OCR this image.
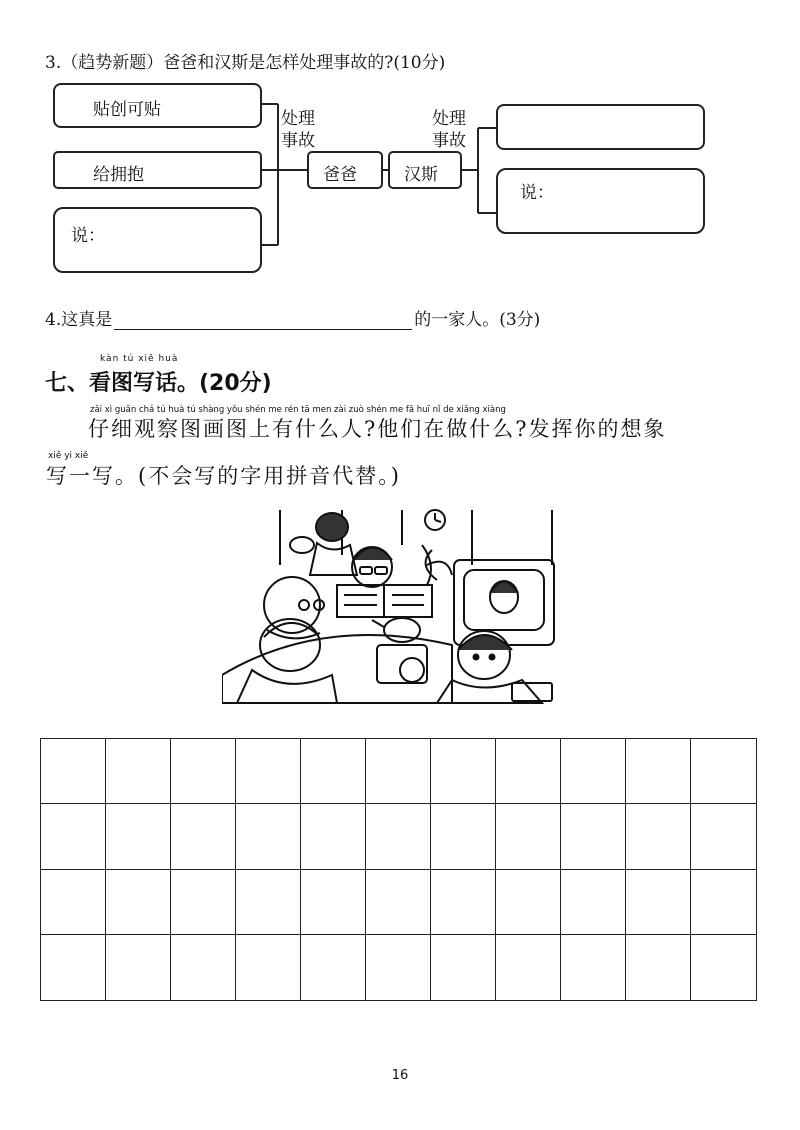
3.（趋势新题）爸爸和汉斯是怎样处理事故的?(10分)
贴创可贴
给拥抱
说：
处理
事故
爸爸	汉斯
处理
事故
说：
4.这真是	的一家人。(3分)
kàn tú xiě huà
七、看图写话。(20分)
zǎi xì guān chá tú huà tú shàng yǒu shén me rén tā men zài zuò shén me fā huī nǐ de xiǎng xiàng
仔细观察图画图上有什么人?他们在做什么?发挥你的想象
xiě yi xiě
写一写。(不会写的字用拼音代替。)
16
